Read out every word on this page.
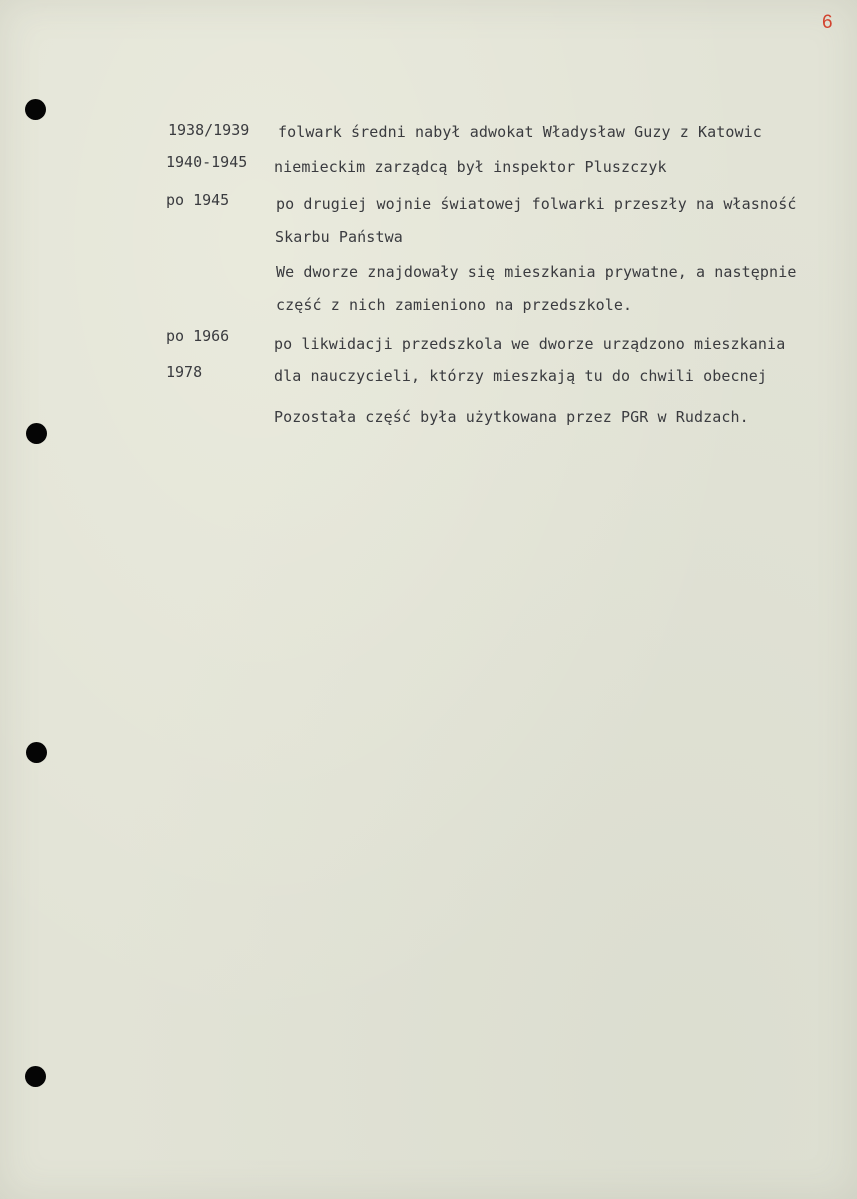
6
1938/1939 folwark średni nabył adwokat Władysław Guzy z Katowic
1940-1945 niemieckim zarządcą był inspektor Pluszczyk
po 1945	po drugiej wojnie światowej folwarki przeszły na własność
Skarbu Państwa
We dworze znajdowały się mieszkania prywatne, a następnie
część z nich zamieniono na przedszkole.
po 1966	po likwidacji przedszkola we dworze urządzono mieszkania
1978	dla nauczycieli, którzy mieszkają tu do chwili obecnej
Pozostała część była użytkowana przez PGR w Rudzach.
